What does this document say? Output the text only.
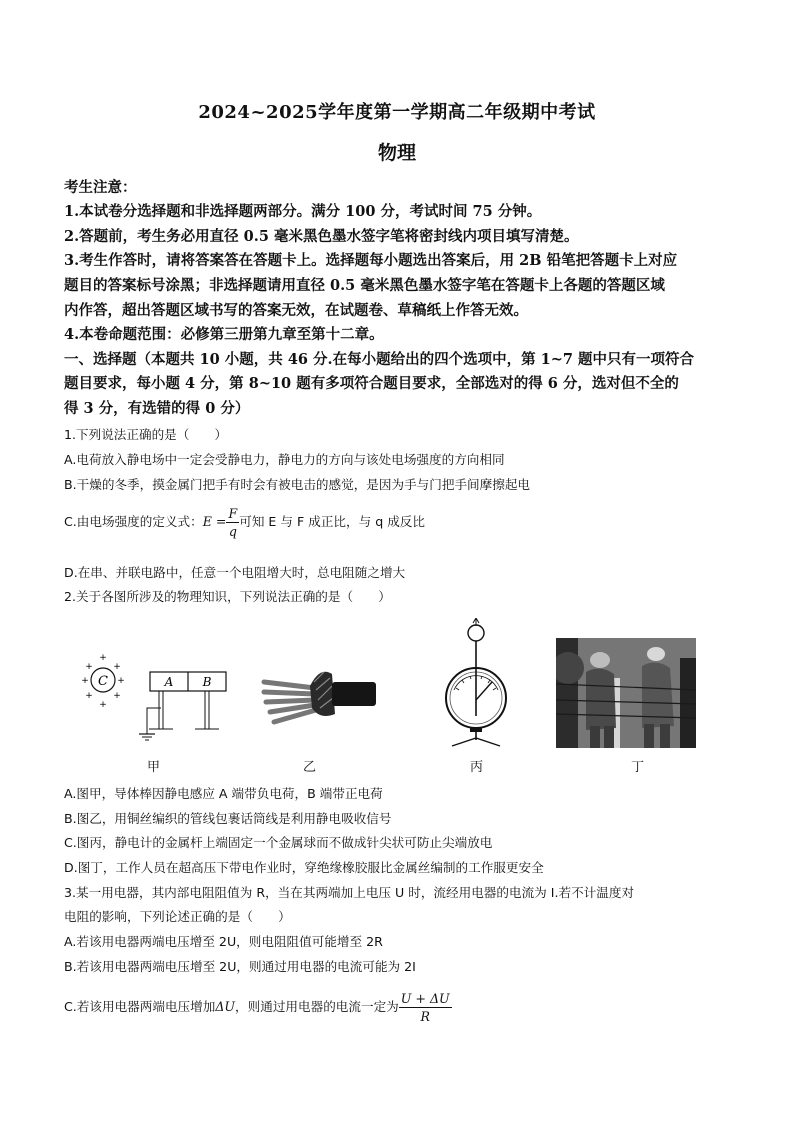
2024~2025学年度第一学期高二年级期中考试
物理
考生注意：
1.本试卷分选择题和非选择题两部分。满分 100 分，考试时间 75 分钟。
2.答题前，考生务必用直径 0.5 毫米黑色墨水签字笔将密封线内项目填写清楚。
3.考生作答时，请将答案答在答题卡上。选择题每小题选出答案后，用 2B 铅笔把答题卡上对应
题目的答案标号涂黑；非选择题请用直径 0.5 毫米黑色墨水签字笔在答题卡上各题的答题区域
内作答，超出答题区域书写的答案无效，在试题卷、草稿纸上作答无效。
4.本卷命题范围：必修第三册第九章至第十二章。
一、选择题（本题共 10 小题，共 46 分.在每小题给出的四个选项中，第 1~7 题中只有一项符合
题目要求，每小题 4 分，第 8~10 题有多项符合题目要求，全部选对的得 6 分，选对但不全的
得 3 分，有选错的得 0 分）
1.下列说法正确的是（　　）
A.电荷放入静电场中一定会受静电力，静电力的方向与该处电场强度的方向相同
B.干燥的冬季，摸金属门把手有时会有被电击的感觉，是因为手与门把手间摩擦起电
C.由电场强度的定义式：$E = \frac{F}{q}$ 可知 E 与 F 成正比，与 q 成反比
D.在串、并联电路中，任意一个电阻增大时，总电阻随之增大
2.关于各图所涉及的物理知识，下列说法正确的是（　　）
C
+
+
+	+
+ +
+ +
A B
甲	乙	丙	丁
A.图甲，导体棒因静电感应 A 端带负电荷，B 端带正电荷
B.图乙，用铜丝编织的管线包裹话筒线是利用静电吸收信号
C.图丙，静电计的金属杆上端固定一个金属球而不做成针尖状可防止尖端放电
D.图丁，工作人员在超高压下带电作业时，穿绝缘橡胶服比金属丝编制的工作服更安全
3.某一用电器，其内部电阻阻值为 R，当在其两端加上电压 U 时，流经用电器的电流为 I.若不计温度对
电阻的影响，下列论述正确的是（　　）
A.若该用电器两端电压增至 2U，则电阻阻值可能增至 2R
B.若该用电器两端电压增至 2U，则通过用电器的电流可能为 2I
C.若该用电器两端电压增加ΔU，则通过用电器的电流一定为 $\frac{U + \Delta U}{R}$
